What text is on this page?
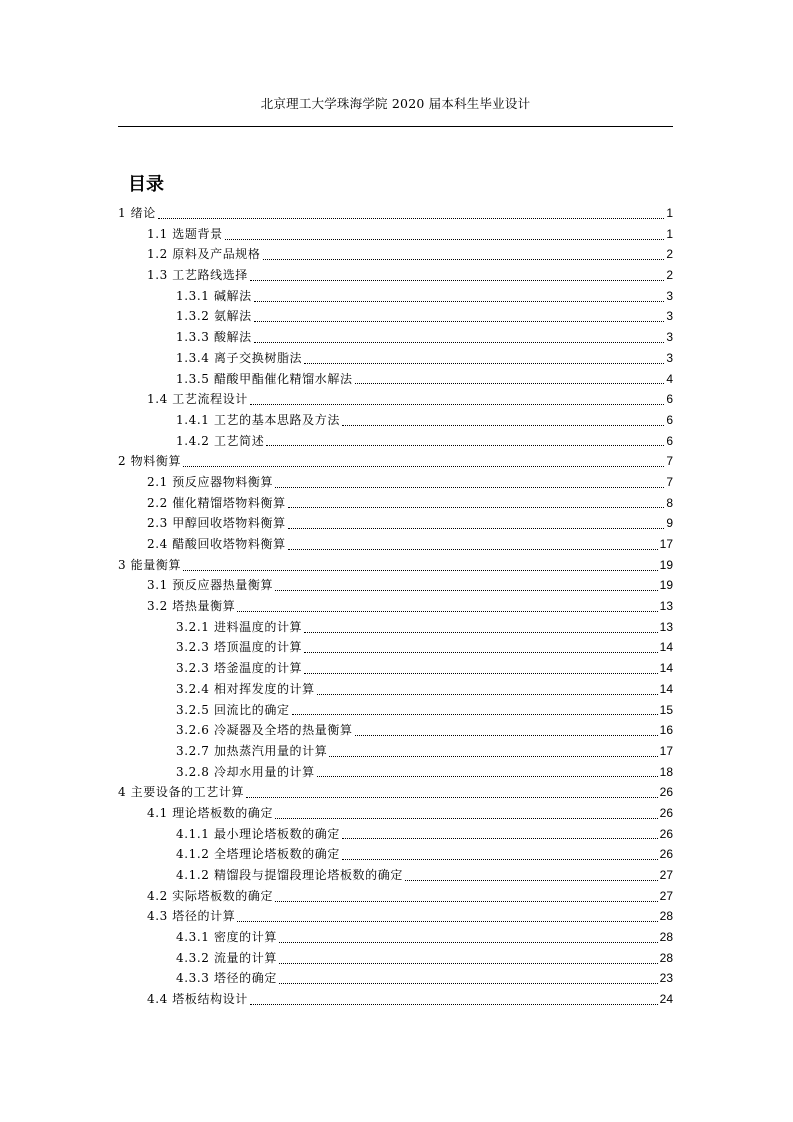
北京理工大学珠海学院 2020 届本科生毕业设计
目录
1 绪论	1
1.1 选题背景	1
1.2 原料及产品规格	2
1.3 工艺路线选择	2
1.3.1 碱解法	3
1.3.2 氨解法	3
1.3.3 酸解法	3
1.3.4 离子交换树脂法	3
1.3.5 醋酸甲酯催化精馏水解法	4
1.4 工艺流程设计	6
1.4.1 工艺的基本思路及方法	6
1.4.2 工艺简述	6
2 物料衡算	7
2.1 预反应器物料衡算	7
2.2 催化精馏塔物料衡算	8
2.3 甲醇回收塔物料衡算	9
2.4 醋酸回收塔物料衡算	17
3 能量衡算	19
3.1 预反应器热量衡算	19
3.2 塔热量衡算	13
3.2.1 进料温度的计算	13
3.2.3 塔顶温度的计算	14
3.2.3 塔釜温度的计算	14
3.2.4 相对挥发度的计算	14
3.2.5 回流比的确定	15
3.2.6 冷凝器及全塔的热量衡算	16
3.2.7 加热蒸汽用量的计算	17
3.2.8 冷却水用量的计算	18
4 主要设备的工艺计算	26
4.1 理论塔板数的确定	26
4.1.1 最小理论塔板数的确定	26
4.1.2 全塔理论塔板数的确定	26
4.1.2 精馏段与提馏段理论塔板数的确定	27
4.2 实际塔板数的确定	27
4.3 塔径的计算	28
4.3.1 密度的计算	28
4.3.2 流量的计算	28
4.3.3 塔径的确定	23
4.4 塔板结构设计	24
